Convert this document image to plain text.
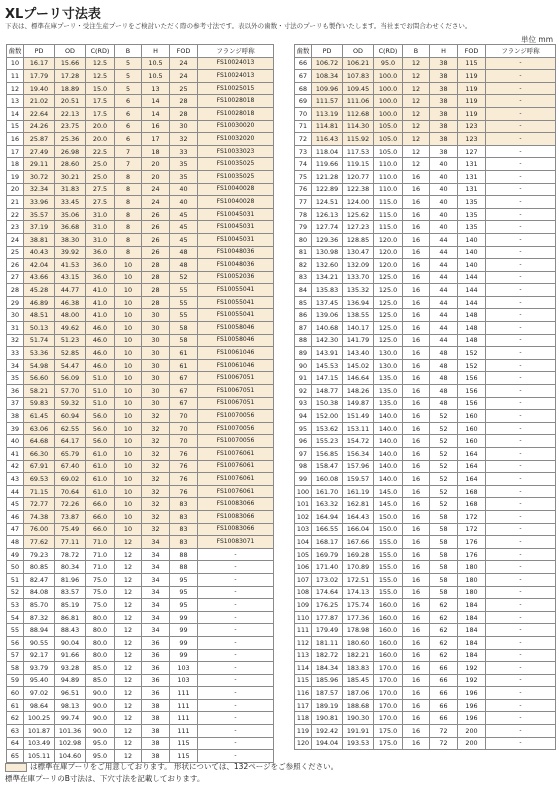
XLプーリ寸法表
下表は、標準在庫プーリ・受注生産プーリをご検討いただく際の参考寸法です。表以外の歯数・寸法のプーリも製作いたします。当社までお問合わせください。
単位 mm
歯数	PD	OD	C(RD)	B	H	FOD	フランジ呼称
10	16.17	15.66	12.5	5	10.5	24	FS10024013
11	17.79	17.28	12.5	5	10.5	24	FS10024013
12	19.40	18.89	15.0	5	13	25	FS10025015
13	21.02	20.51	17.5	6	14	28	FS10028018
14	22.64	22.13	17.5	6	14	28	FS10028018
15	24.26	23.75	20.0	6	16	30	FS10030020
16	25.87	25.36	20.0	6	17	32	FS10032020
17	27.49	26.98	22.5	7	18	33	FS10033023
18	29.11	28.60	25.0	7	20	35	FS10035025
19	30.72	30.21	25.0	8	20	35	FS10035025
20	32.34	31.83	27.5	8	24	40	FS10040028
21	33.96	33.45	27.5	8	24	40	FS10040028
22	35.57	35.06	31.0	8	26	45	FS10045031
23	37.19	36.68	31.0	8	26	45	FS10045031
24	38.81	38.30	31.0	8	26	45	FS10045031
25	40.43	39.92	36.0	8	26	48	FS10048036
26	42.04	41.53	36.0	10	28	48	FS10048036
27	43.66	43.15	36.0	10	28	52	FS10052036
28	45.28	44.77	41.0	10	28	55	FS10055041
29	46.89	46.38	41.0	10	28	55	FS10055041
30	48.51	48.00	41.0	10	30	55	FS10055041
31	50.13	49.62	46.0	10	30	58	FS10058046
32	51.74	51.23	46.0	10	30	58	FS10058046
33	53.36	52.85	46.0	10	30	61	FS10061046
34	54.98	54.47	46.0	10	30	61	FS10061046
35	56.60	56.09	51.0	10	30	67	FS10067051
36	58.21	57.70	51.0	10	30	67	FS10067051
37	59.83	59.32	51.0	10	30	67	FS10067051
38	61.45	60.94	56.0	10	32	70	FS10070056
39	63.06	62.55	56.0	10	32	70	FS10070056
40	64.68	64.17	56.0	10	32	70	FS10070056
41	66.30	65.79	61.0	10	32	76	FS10076061
42	67.91	67.40	61.0	10	32	76	FS10076061
43	69.53	69.02	61.0	10	32	76	FS10076061
44	71.15	70.64	61.0	10	32	76	FS10076061
45	72.77	72.26	66.0	10	32	83	FS10083066
46	74.38	73.87	66.0	10	32	83	FS10083066
47	76.00	75.49	66.0	10	32	83	FS10083066
48	77.62	77.11	71.0	12	34	83	FS10083071
49	79.23	78.72	71.0	12	34	88	-
50	80.85	80.34	71.0	12	34	88	-
51	82.47	81.96	75.0	12	34	95	-
52	84.08	83.57	75.0	12	34	95	-
53	85.70	85.19	75.0	12	34	95	-
54	87.32	86.81	80.0	12	34	99	-
55	88.94	88.43	80.0	12	34	99	-
56	90.55	90.04	80.0	12	36	99	-
57	92.17	91.66	80.0	12	36	99	-
58	93.79	93.28	85.0	12	36	103	-
59	95.40	94.89	85.0	12	36	103	-
60	97.02	96.51	90.0	12	36	111	-
61	98.64	98.13	90.0	12	38	111	-
62	100.25	99.74	90.0	12	38	111	-
63	101.87	101.36	90.0	12	38	111	-
64	103.49	102.98	95.0	12	38	115	-
65	105.11	104.60	95.0	12	38	115	-
歯数	PD	OD	C(RD)	B	H	FOD	フランジ呼称
66	106.72	106.21	95.0	12	38	115	-
67	108.34	107.83	100.0	12	38	119	-
68	109.96	109.45	100.0	12	38	119	-
69	111.57	111.06	100.0	12	38	119	-
70	113.19	112.68	100.0	12	38	119	-
71	114.81	114.30	105.0	12	38	123	-
72	116.43	115.92	105.0	12	38	123	-
73	118.04	117.53	105.0	12	38	127	-
74	119.66	119.15	110.0	12	40	131	-
75	121.28	120.77	110.0	16	40	131	-
76	122.89	122.38	110.0	16	40	131	-
77	124.51	124.00	115.0	16	40	135	-
78	126.13	125.62	115.0	16	40	135	-
79	127.74	127.23	115.0	16	40	135	-
80	129.36	128.85	120.0	16	44	140	-
81	130.98	130.47	120.0	16	44	140	-
82	132.60	132.09	120.0	16	44	140	-
83	134.21	133.70	125.0	16	44	144	-
84	135.83	135.32	125.0	16	44	144	-
85	137.45	136.94	125.0	16	44	144	-
86	139.06	138.55	125.0	16	44	148	-
87	140.68	140.17	125.0	16	44	148	-
88	142.30	141.79	125.0	16	44	148	-
89	143.91	143.40	130.0	16	48	152	-
90	145.53	145.02	130.0	16	48	152	-
91	147.15	146.64	135.0	16	48	156	-
92	148.77	148.26	135.0	16	48	156	-
93	150.38	149.87	135.0	16	48	156	-
94	152.00	151.49	140.0	16	52	160	-
95	153.62	153.11	140.0	16	52	160	-
96	155.23	154.72	140.0	16	52	160	-
97	156.85	156.34	140.0	16	52	164	-
98	158.47	157.96	140.0	16	52	164	-
99	160.08	159.57	140.0	16	52	164	-
100	161.70	161.19	145.0	16	52	168	-
101	163.32	162.81	145.0	16	52	168	-
102	164.94	164.43	150.0	16	58	172	-
103	166.55	166.04	150.0	16	58	172	-
104	168.17	167.66	155.0	16	58	176	-
105	169.79	169.28	155.0	16	58	176	-
106	171.40	170.89	155.0	16	58	180	-
107	173.02	172.51	155.0	16	58	180	-
108	174.64	174.13	155.0	16	58	180	-
109	176.25	175.74	160.0	16	62	184	-
110	177.87	177.36	160.0	16	62	184	-
111	179.49	178.98	160.0	16	62	184	-
112	181.11	180.60	160.0	16	62	184	-
113	182.72	182.21	160.0	16	62	184	-
114	184.34	183.83	170.0	16	66	192	-
115	185.96	185.45	170.0	16	66	192	-
116	187.57	187.06	170.0	16	66	196	-
117	189.19	188.68	170.0	16	66	196	-
118	190.81	190.30	170.0	16	66	196	-
119	192.42	191.91	175.0	16	72	200	-
120	194.04	193.53	175.0	16	72	200	-
は標準在庫プーリをご用意しております。 形状については、132ページをご参照ください。
標準在庫プーリのB寸法は、下穴寸法を記載しております。
